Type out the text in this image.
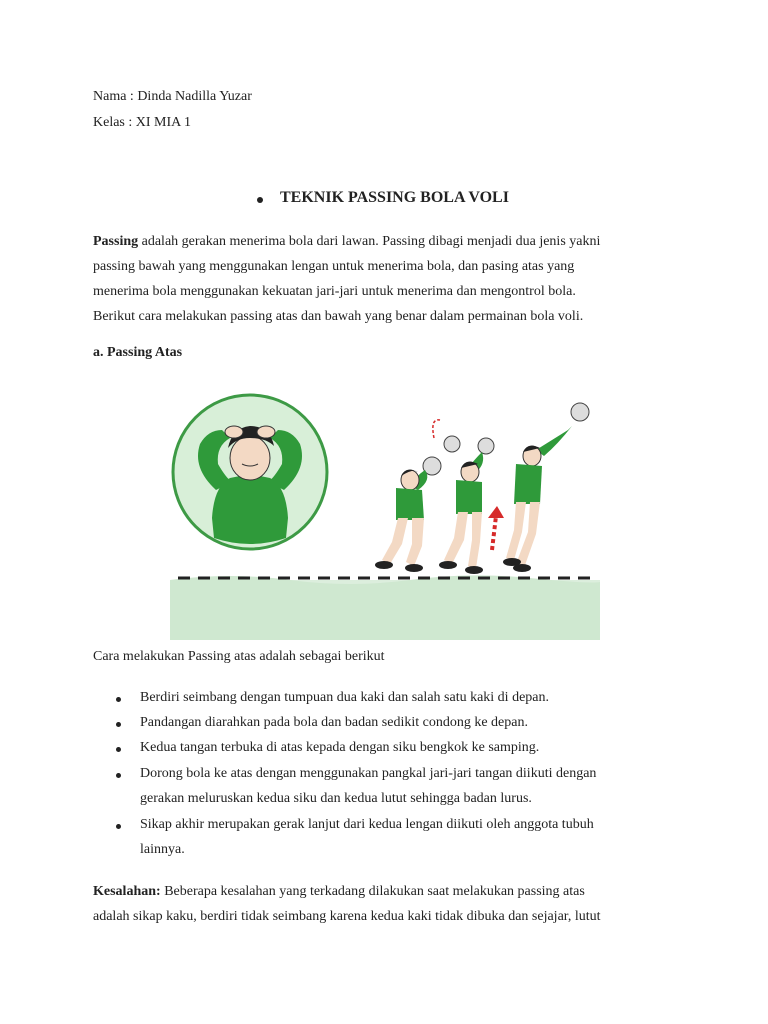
Nama : Dinda Nadilla Yuzar
Kelas : XI MIA 1
TEKNIK PASSING BOLA VOLI
Passing adalah gerakan menerima bola dari lawan. Passing dibagi menjadi dua jenis yakni
passing bawah yang menggunakan lengan untuk menerima bola, dan pasing atas yang
menerima bola menggunakan kekuatan jari-jari untuk menerima dan mengontrol bola.
Berikut cara melakukan passing atas dan bawah yang benar dalam permainan bola voli.
a. Passing Atas
Cara melakukan Passing atas adalah sebagai berikut
Berdiri seimbang dengan tumpuan dua kaki dan salah satu kaki di depan.
Pandangan diarahkan pada bola dan badan sedikit condong ke depan.
Kedua tangan terbuka di atas kepada dengan siku bengkok ke samping.
Dorong bola ke atas dengan menggunakan pangkal jari-jari tangan diikuti dengan
gerakan meluruskan kedua siku dan kedua lutut sehingga badan lurus.
Sikap akhir merupakan gerak lanjut dari kedua lengan diikuti oleh anggota tubuh
lainnya.
Kesalahan: Beberapa kesalahan yang terkadang dilakukan saat melakukan passing atas
adalah sikap kaku, berdiri tidak seimbang karena kedua kaki tidak dibuka dan sejajar, lutut
